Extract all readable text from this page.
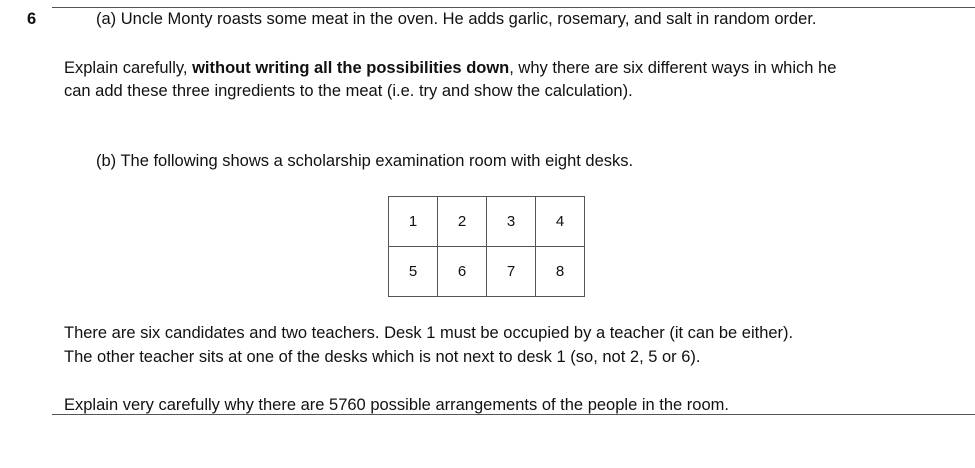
6	(a) Uncle Monty roasts some meat in the oven. He adds garlic, rosemary, and salt in random order.
Explain carefully, without writing all the possibilities down, why there are six different ways in which he
can add these three ingredients to the meat (i.e. try and show the calculation).
(b) The following shows a scholarship examination room with eight desks.
1	2	3	4
5	6	7	8
There are six candidates and two teachers. Desk 1 must be occupied by a teacher (it can be either).
The other teacher sits at one of the desks which is not next to desk 1 (so, not 2, 5 or 6).
Explain very carefully why there are 5760 possible arrangements of the people in the room.
